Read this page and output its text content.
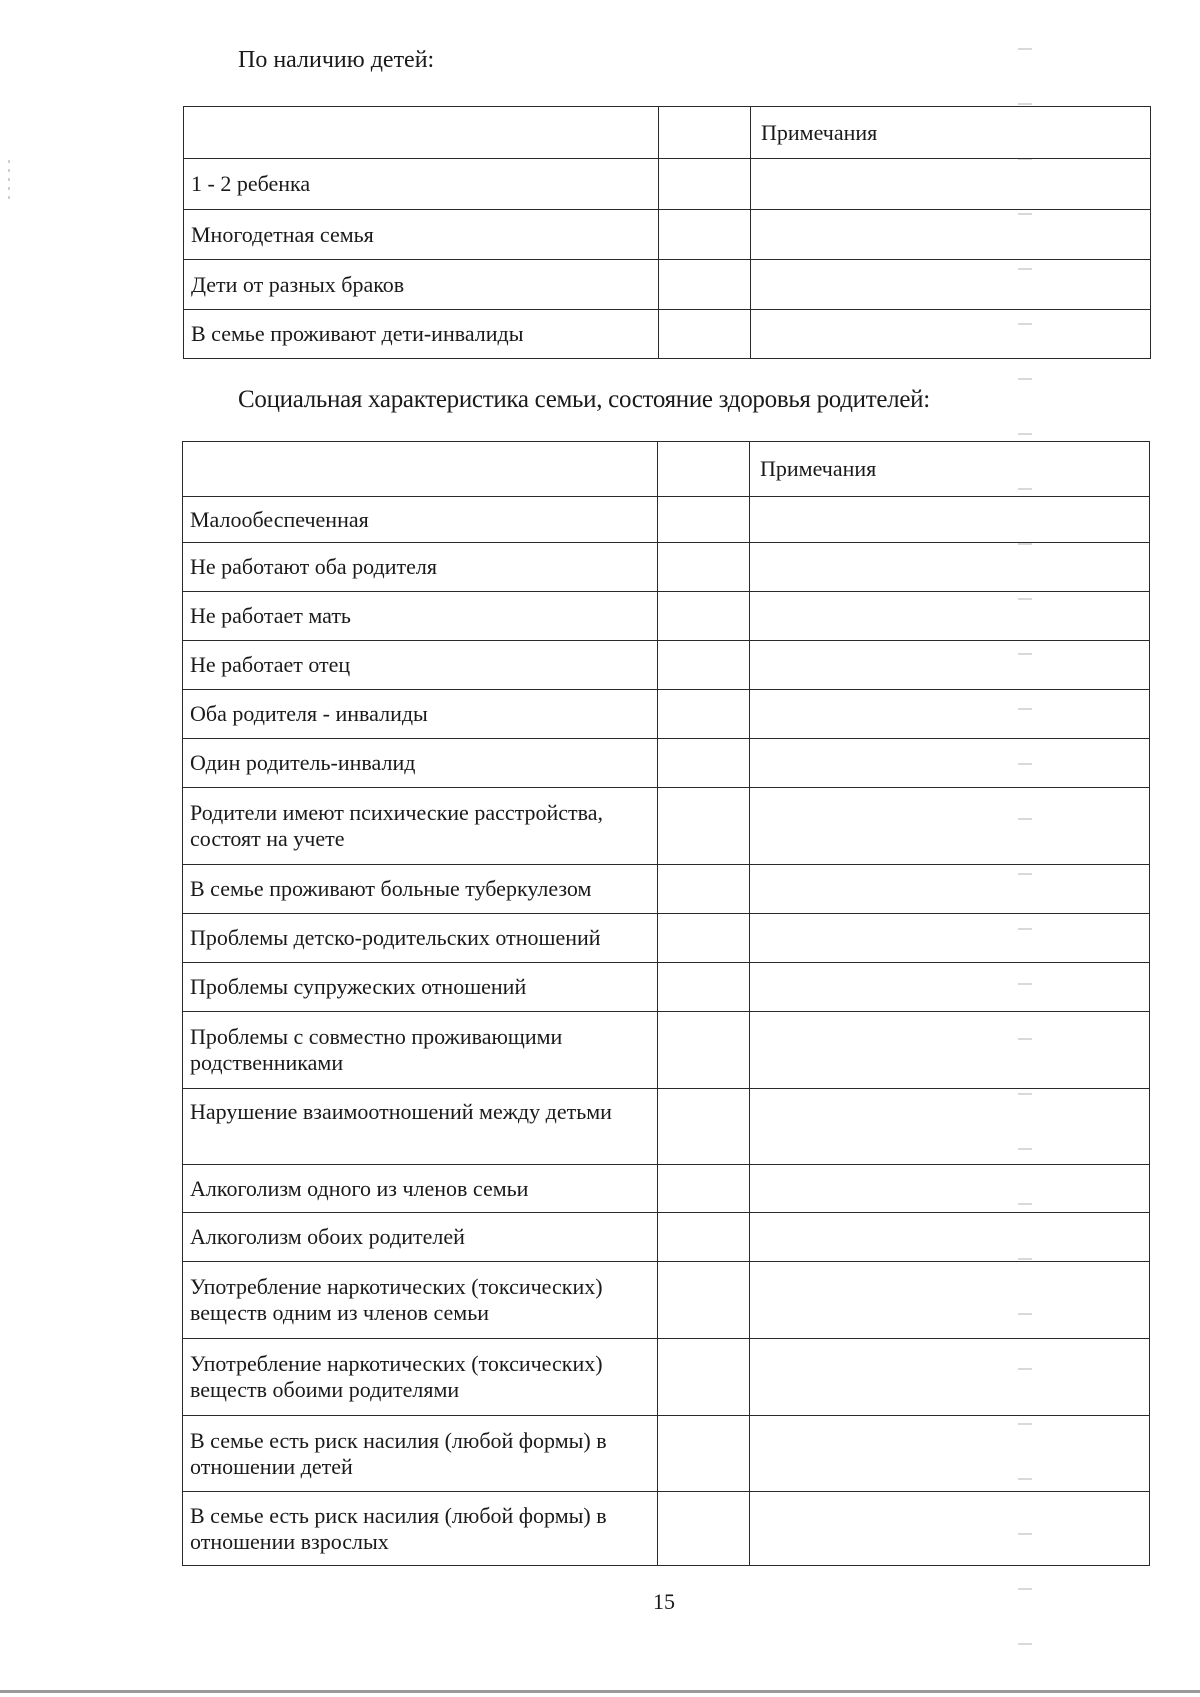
По наличию детей:
		Примечания
1 - 2 ребенка		
Многодетная семья		
Дети от разных браков		
В семье проживают дети-инвалиды		
Социальная характеристика семьи, состояние здоровья родителей:
		Примечания
Малообеспеченная		
Не работают оба родителя		
Не работает мать		
Не работает отец		
Оба родителя - инвалиды		
Один родитель-инвалид		
Родители имеют психические расстройства, состоят на учете		
В семье проживают больные туберкулезом		
Проблемы детско-родительских отношений		
Проблемы супружеских отношений		
Проблемы с совместно проживающими родственниками		
Нарушение взаимоотношений между детьми		
Алкоголизм одного из членов семьи		
Алкоголизм обоих родителей		
Употребление наркотических (токсических) веществ одним из членов семьи		
Употребление наркотических (токсических) веществ обоими родителями		
В семье есть риск насилия (любой формы) в отношении детей		
В семье есть риск насилия (любой формы) в отношении взрослых		
15
